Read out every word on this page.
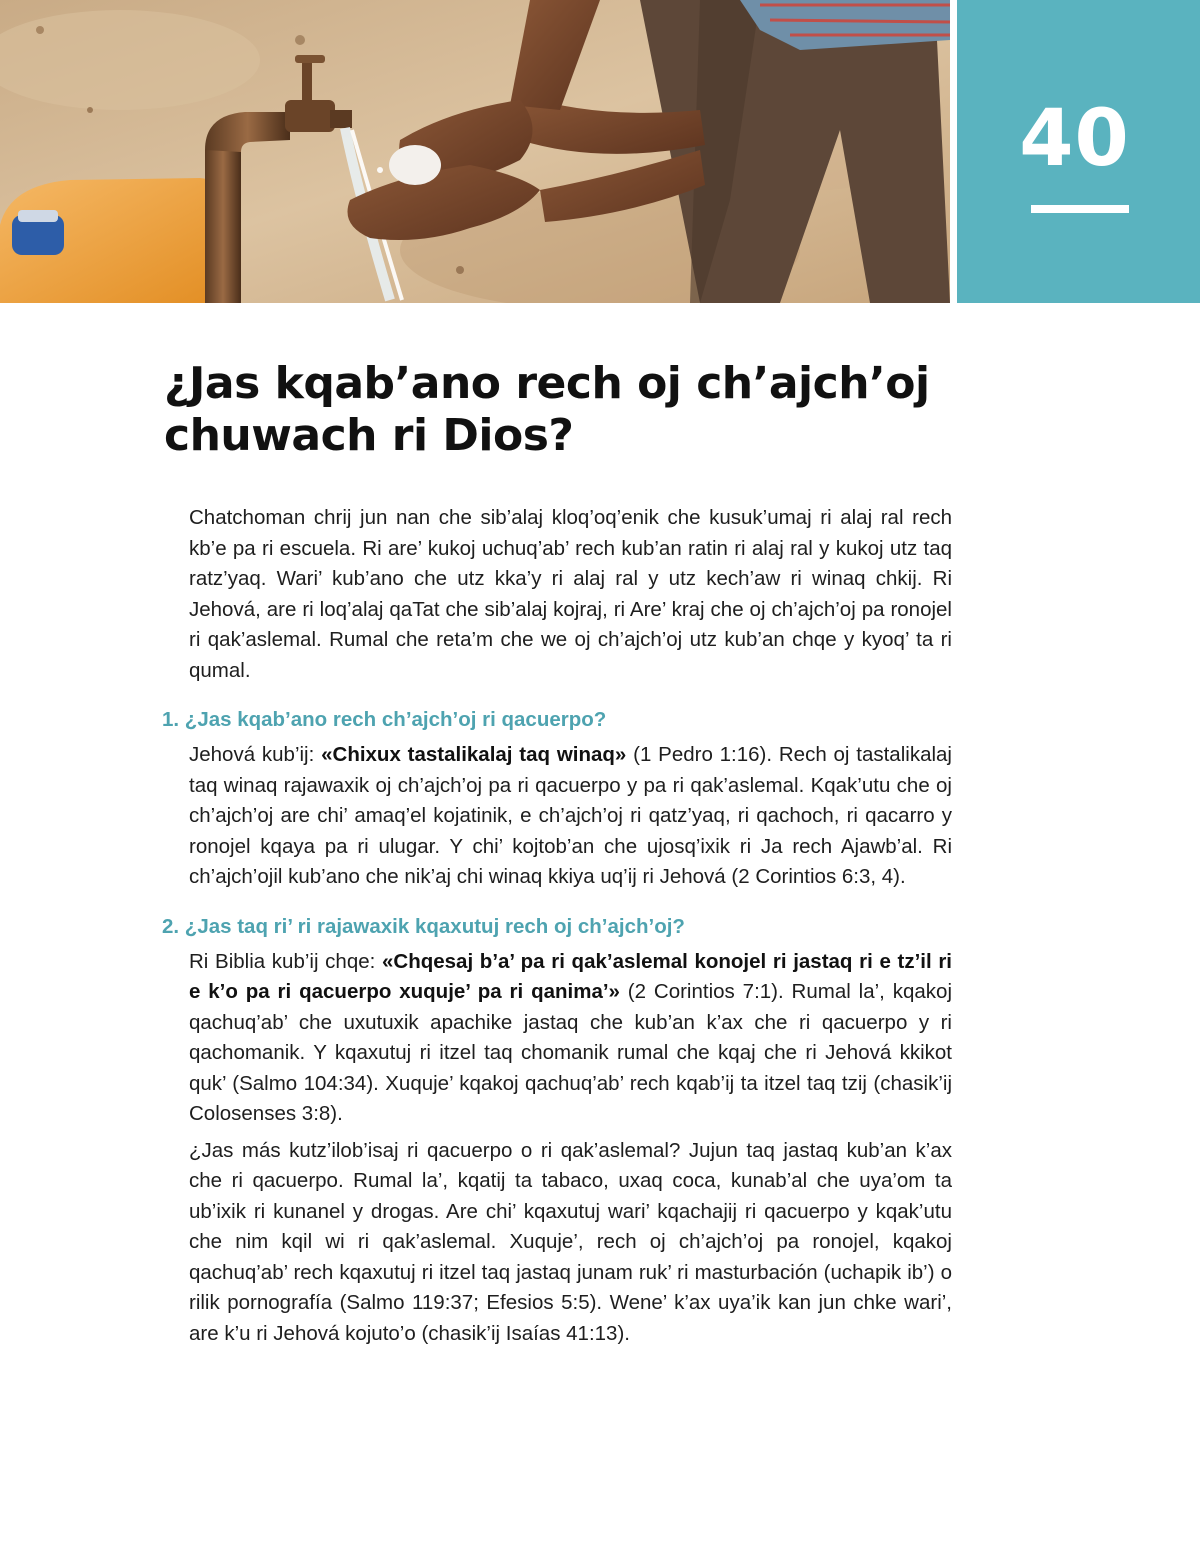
40
¿Jas kqab’ano rech oj ch’ajch’oj
chuwach ri Dios?

Chatchoman chrij jun nan che sib’alaj kloq’oq’enik che kusuk’umaj ri alaj ral rech kb’e pa ri escuela. Ri are’ kukoj uchuq’ab’ rech kub’an ratin ri alaj ral y kukoj utz taq ratz’yaq. Wari’ kub’ano che utz kka’y ri alaj ral y utz kech’aw ri winaq chkij. Ri Jehová, are ri loq’alaj qaTat che sib’alaj kojraj, ri Are’ kraj che oj ch’ajch’oj pa ronojel ri qak’aslemal. Rumal che reta’m che we oj ch’ajch’oj utz kub’an chqe y kyoq’ ta ri qumal.

1. ¿Jas kqab’ano rech ch’ajch’oj ri qacuerpo?

Jehová kub’ij: «Chixux tastalikalaj taq winaq» (1 Pedro 1:16). Rech oj tastalikalaj taq winaq rajawaxik oj ch’ajch’oj pa ri qacuerpo y pa ri qak’aslemal. Kqak’utu che oj ch’ajch’oj are chi’ amaq’el kojatinik, e ch’ajch’oj ri qatz’yaq, ri qachoch, ri qacarro y ronojel kqaya pa ri ulugar. Y chi’ kojtob’an che ujosq’ixik ri Ja rech Ajawb’al. Ri ch’ajch’ojil kub’ano che nik’aj chi winaq kkiya uq’ij ri Jehová (2 Corintios 6:3, 4).

2. ¿Jas taq ri’ ri rajawaxik kqaxutuj rech oj ch’ajch’oj?

Ri Biblia kub’ij chqe: «Chqesaj b’a’ pa ri qak’aslemal konojel ri jastaq ri e tz’il ri e k’o pa ri qacuerpo xuquje’ pa ri qanima’» (2 Corintios 7:1). Rumal la’, kqakoj qachuq’ab’ che uxutuxik apachike jastaq che kub’an k’ax che ri qacuerpo y ri qachomanik. Y kqaxutuj ri itzel taq chomanik rumal che kqaj che ri Jehová kkikot quk’ (Salmo 104:34). Xuquje’ kqakoj qachuq’ab’ rech kqab’ij ta itzel taq tzij (chasik’ij Colosenses 3:8).

¿Jas más kutz’ilob’isaj ri qacuerpo o ri qak’aslemal? Jujun taq jastaq kub’an k’ax che ri qacuerpo. Rumal la’, kqatij ta tabaco, uxaq coca, kunab’al che uya’om ta ub’ixik ri kunanel y drogas. Are chi’ kqaxutuj wari’ kqachajij ri qacuerpo y kqak’utu che nim kqil wi ri qak’aslemal. Xuquje’, rech oj ch’ajch’oj pa ronojel, kqakoj qachuq’ab’ rech kqaxutuj ri itzel taq jastaq junam ruk’ ri masturbación (uchapik ib’) o rilik pornografía (Salmo 119:37; Efesios 5:5). Wene’ k’ax uya’ik kan jun chke wari’, are k’u ri Jehová kojuto’o (chasik’ij Isaías 41:13).
